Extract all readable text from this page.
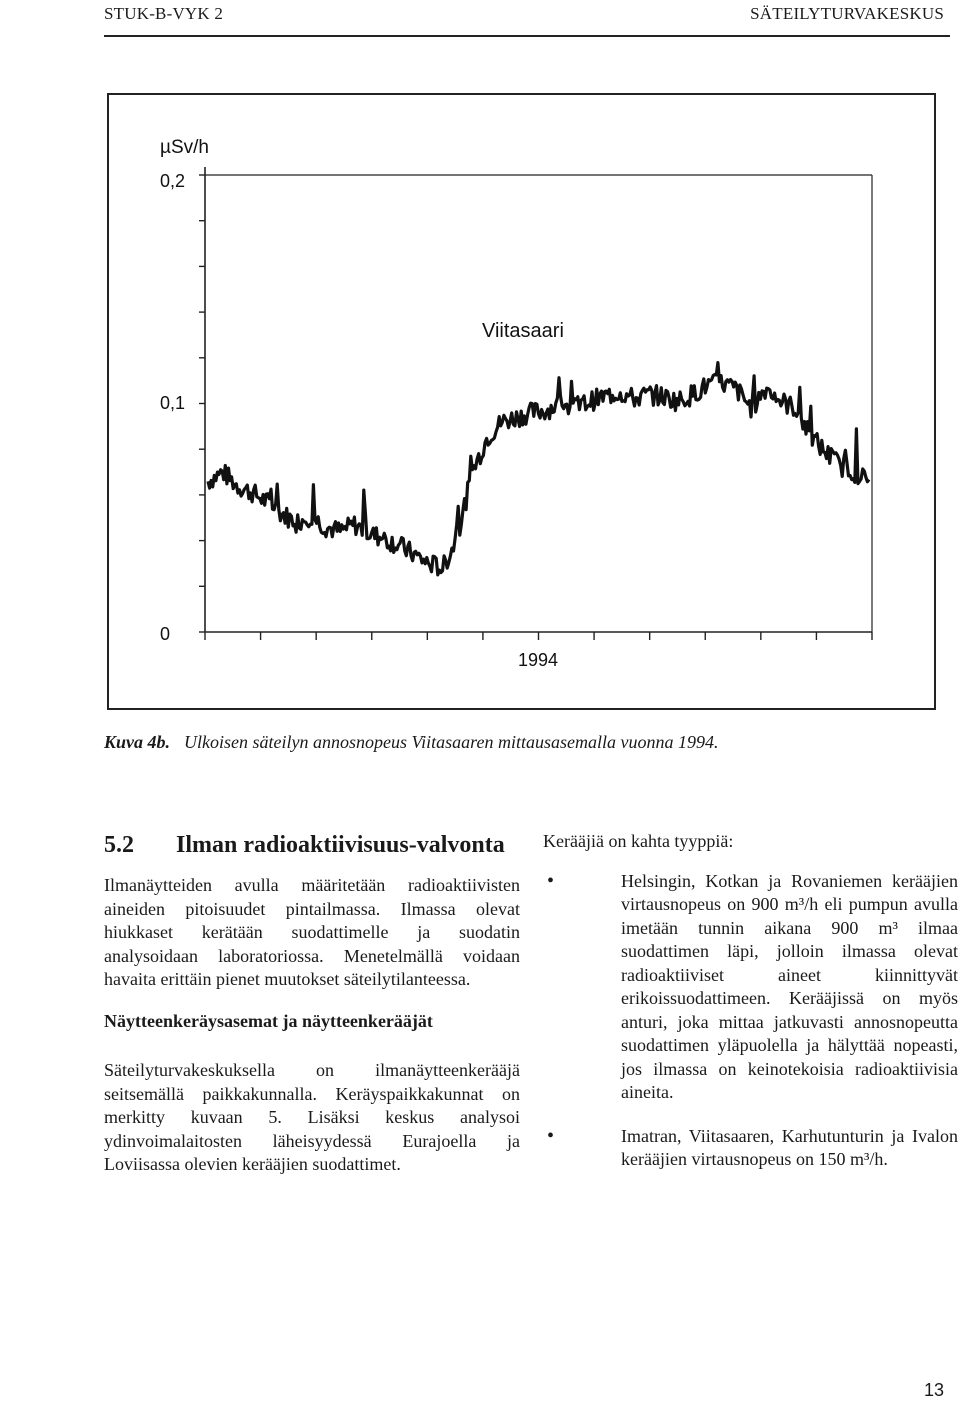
STUK-B-VYK 2	SÄTEILYTURVAKESKUS
µSv/h
0,2
0,1
0
Viitasaari
1994
Kuva 4b. Ulkoisen säteilyn annosnopeus Viitasaaren mittausasemalla vuonna 1994.
5.2	Ilman radioaktiivisuus-valvonta

Ilmanäytteiden avulla määritetään radioaktiivisten aineiden pitoisuudet pintailmassa. Ilmassa olevat hiukkaset kerätään suodattimelle ja suodatin analysoidaan laboratoriossa. Menetelmällä voidaan havaita erittäin pienet muutokset säteilytilanteessa.

Näytteenkeräysasemat ja näytteenkerääjät

Säteilyturvakeskuksella on ilmanäytteenkerääjä seitsemällä paikkakunnalla. Keräyspaikkakunnat on merkitty kuvaan 5. Lisäksi keskus analysoi ydinvoimalaitosten läheisyydessä Eurajoella ja Loviisassa olevien kerääjien suodattimet.

Kerääjiä on kahta tyyppiä:

•	Helsingin, Kotkan ja Rovaniemen kerääjien virtausnopeus on 900 m³/h eli pumpun avulla imetään tunnin aikana 900 m³ ilmaa suodattimen läpi, jolloin ilmassa olevat radioaktiiviset aineet kiinnittyvät erikoissuodattimeen. Kerääjissä on myös anturi, joka mittaa jatkuvasti annosnopeutta suodattimen yläpuolella ja hälyttää nopeasti, jos ilmassa on keinotekoisia radioaktiivisia aineita.
•	Imatran, Viitasaaren, Karhutunturin ja Ivalon kerääjien virtausnopeus on 150 m³/h.
13
